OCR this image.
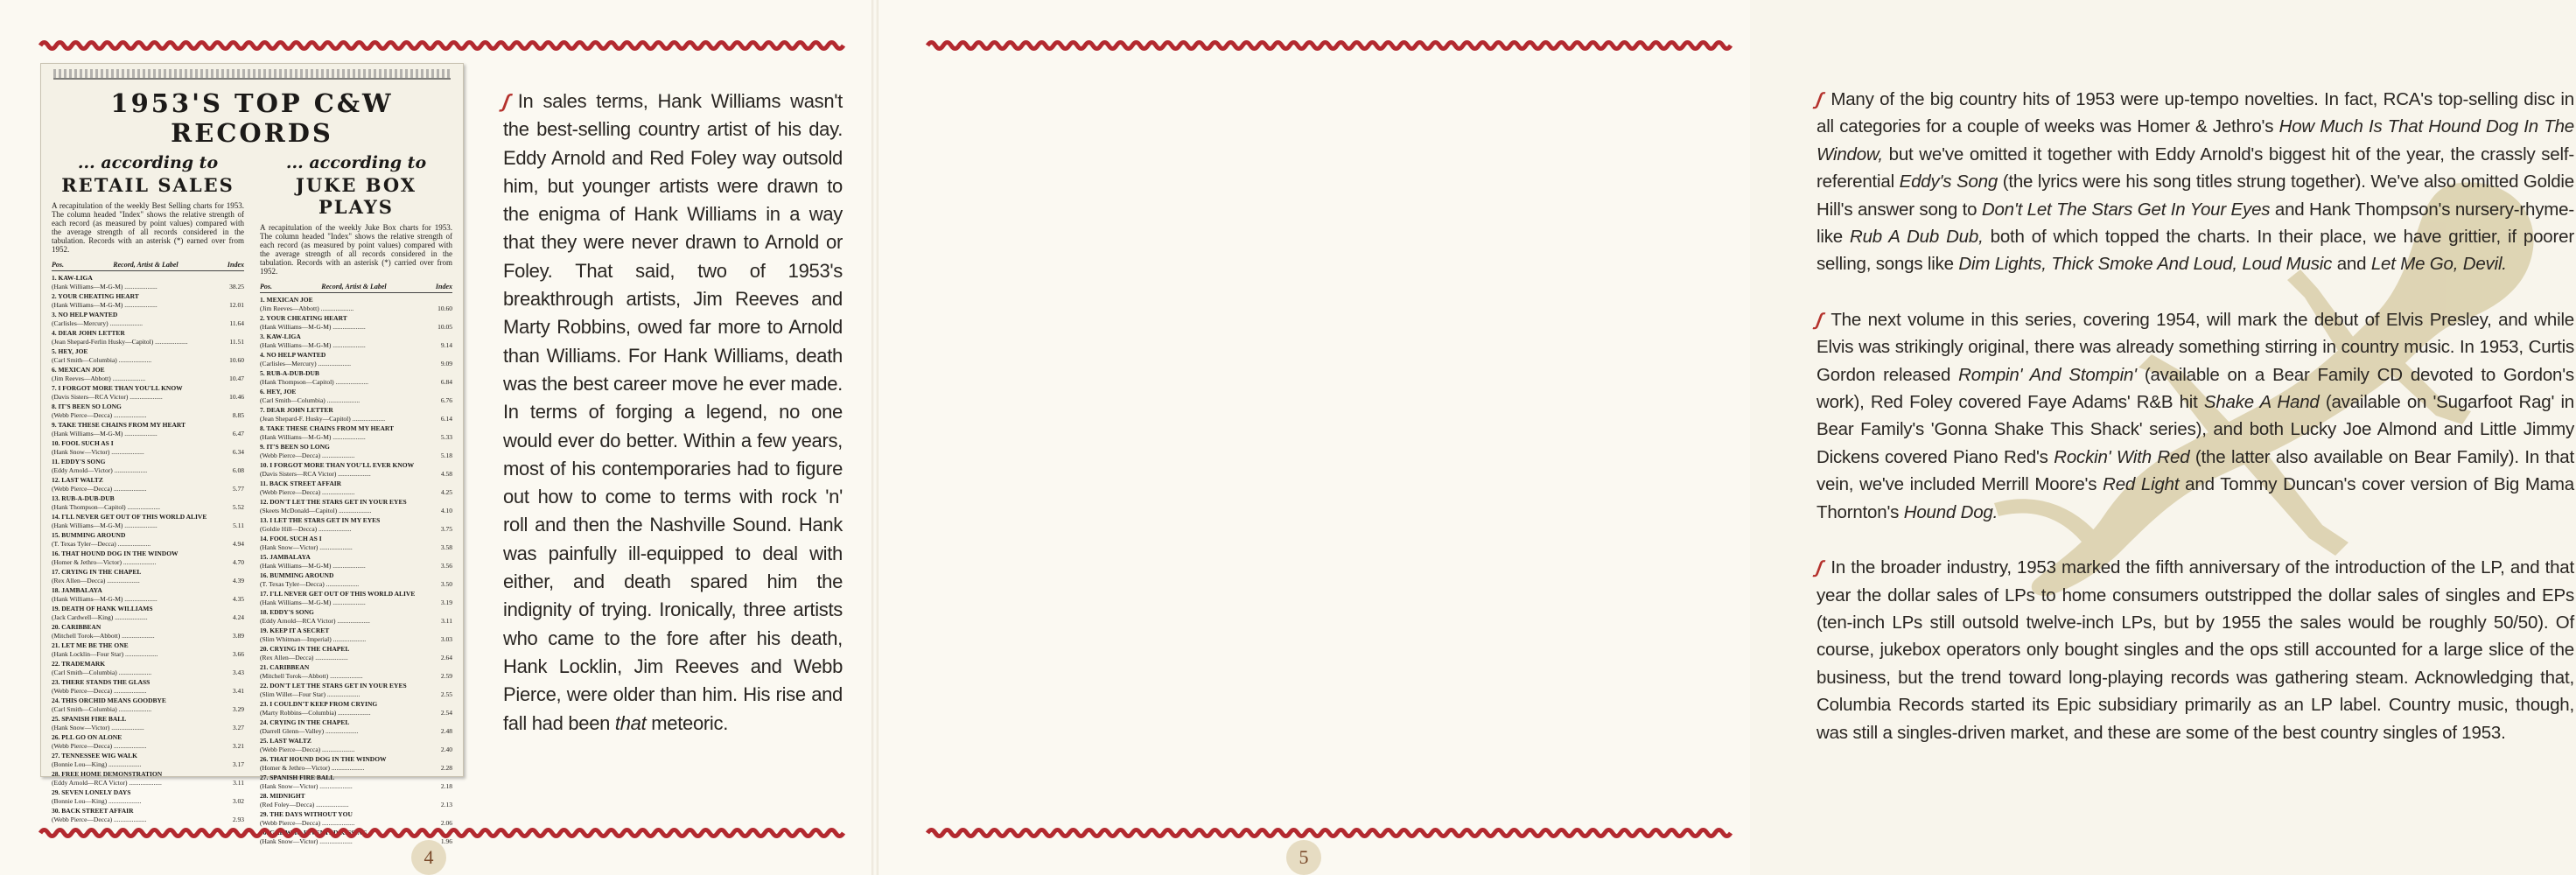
1953'S TOP C&W RECORDS

... according to

RETAIL SALES

A recapitulation of the weekly Best Selling charts for 1953. The column headed "Index" shows the relative strength of each record (as measured by point values) compared with the average strength of all records considered in the tabulation. Records with an asterisk (*) earned over from 1952.

Pos.	Record, Artist & Label	Index
1. KAW-LIGA
(Hank Williams—M-G-M) ....................	38.25
2. YOUR CHEATING HEART
(Hank Williams—M-G-M) ....................	12.01
3. NO HELP WANTED
(Carlisles—Mercury) ....................	11.64
4. DEAR JOHN LETTER
(Jean Shepard-Ferlin Husky—Capitol) ....................	11.51
5. HEY, JOE
(Carl Smith—Columbia) ....................	10.60
6. MEXICAN JOE
(Jim Reeves—Abbott) ....................	10.47
7. I FORGOT MORE THAN YOU'LL KNOW
(Davis Sisters—RCA Victor) ....................	10.46
8. IT'S BEEN SO LONG
(Webb Pierce—Decca) ....................	8.85
9. TAKE THESE CHAINS FROM MY HEART
(Hank Williams—M-G-M) ....................	6.47
10. FOOL SUCH AS I
(Hank Snow—Victor) ....................	6.34
11. EDDY'S SONG
(Eddy Arnold—Victor) ....................	6.08
12. LAST WALTZ
(Webb Pierce—Decca) ....................	5.77
13. RUB-A-DUB-DUB
(Hank Thompson—Capitol) ....................	5.52
14. I'LL NEVER GET OUT OF THIS WORLD ALIVE
(Hank Williams—M-G-M) ....................	5.11
15. BUMMING AROUND
(T. Texas Tyler—Decca) ....................	4.94
16. THAT HOUND DOG IN THE WINDOW
(Homer & Jethro—Victor) ....................	4.70
17. CRYING IN THE CHAPEL
(Rex Allen—Decca) ....................	4.39
18. JAMBALAYA
(Hank Williams—M-G-M) ....................	4.35
19. DEATH OF HANK WILLIAMS
(Jack Cardwell—King) ....................	4.24
20. CARIBBEAN
(Mitchell Torok—Abbott) ....................	3.89
21. LET ME BE THE ONE
(Hank Locklin—Four Star) ....................	3.66
22. TRADEMARK
(Carl Smith—Columbia) ....................	3.43
23. THERE STANDS THE GLASS
(Webb Pierce—Decca) ....................	3.41
24. THIS ORCHID MEANS GOODBYE
(Carl Smith—Columbia) ....................	3.29
25. SPANISH FIRE BALL
(Hank Snow—Victor) ....................	3.27
26. PLL GO ON ALONE
(Webb Pierce—Decca) ....................	3.21
27. TENNESSEE WIG WALK
(Bonnie Lou—King) ....................	3.17
28. FREE HOME DEMONSTRATION
(Eddy Arnold—RCA Victor) ....................	3.11
29. SEVEN LONELY DAYS
(Bonnie Lou—King) ....................	3.02
30. BACK STREET AFFAIR
(Webb Pierce—Decca) ....................	2.93

... according to

JUKE BOX PLAYS

A recapitulation of the weekly Juke Box charts for 1953. The column headed "Index" shows the relative strength of each record (as measured by point values) compared with the average strength of all records considered in the tabulation. Records with an asterisk (*) carried over from 1952.

Pos.	Record, Artist & Label	Index
1. MEXICAN JOE
(Jim Reeves—Abbott) ....................	10.60
2. YOUR CHEATING HEART
(Hank Williams—M-G-M) ....................	10.05
3. KAW-LIGA
(Hank Williams—M-G-M) ....................	9.14
4. NO HELP WANTED
(Carlisles—Mercury) ....................	9.09
5. RUB-A-DUB-DUB
(Hank Thompson—Capitol) ....................	6.84
6. HEY, JOE
(Carl Smith—Columbia) ....................	6.76
7. DEAR JOHN LETTER
(Jean Shepard-F. Husky—Capitol) ....................	6.14
8. TAKE THESE CHAINS FROM MY HEART
(Hank Williams—M-G-M) ....................	5.33
9. IT'S BEEN SO LONG
(Webb Pierce—Decca) ....................	5.18
10. I FORGOT MORE THAN YOU'LL EVER KNOW
(Davis Sisters—RCA Victor) ....................	4.58
11. BACK STREET AFFAIR
(Webb Pierce—Decca) ....................	4.25
12. DON'T LET THE STARS GET IN YOUR EYES
(Skeets McDonald—Capitol) ....................	4.10
13. I LET THE STARS GET IN MY EYES
(Goldie Hill—Decca) ....................	3.75
14. FOOL SUCH AS I
(Hank Snow—Victor) ....................	3.58
15. JAMBALAYA
(Hank Williams—M-G-M) ....................	3.56
16. BUMMING AROUND
(T. Texas Tyler—Decca) ....................	3.50
17. I'LL NEVER GET OUT OF THIS WORLD ALIVE
(Hank Williams—M-G-M) ....................	3.19
18. EDDY'S SONG
(Eddy Arnold—RCA Victor) ....................	3.11
19. KEEP IT A SECRET
(Slim Whitman—Imperial) ....................	3.03
20. CRYING IN THE CHAPEL
(Rex Allen—Decca) ....................	2.64
21. CARIBBEAN
(Mitchell Torok—Abbott) ....................	2.59
22. DON'T LET THE STARS GET IN YOUR EYES
(Slim Willet—Four Star) ....................	2.55
23. I COULDN'T KEEP FROM CRYING
(Marty Robbins—Columbia) ....................	2.54
24. CRYING IN THE CHAPEL
(Darrell Glenn—Valley) ....................	2.48
25. LAST WALTZ
(Webb Pierce—Decca) ....................	2.40
26. THAT HOUND DOG IN THE WINDOW
(Homer & Jethro—Victor) ....................	2.28
27. SPANISH FIRE BALL
(Hank Snow—Victor) ....................	2.18
28. MIDNIGHT
(Red Foley—Decca) ....................	2.13
29. THE DAYS WITHOUT YOU
(Webb Pierce—Decca) ....................	2.06
30. GAL WHO INVENTED KISSING
(Hank Snow—Victor) ....................	1.96

ʃ In sales terms, Hank Williams wasn't the best-selling country artist of his day. Eddy Arnold and Red Foley way outsold him, but younger artists were drawn to the enigma of Hank Williams in a way that they were never drawn to Arnold or Foley. That said, two of 1953's breakthrough artists, Jim Reeves and Marty Robbins, owed far more to Arnold than Williams. For Hank Williams, death was the best career move he ever made. In terms of forging a legend, no one would ever do better. Within a few years, most of his contemporaries had to figure out how to come to terms with rock 'n' roll and then the Nashville Sound. Hank was painfully ill-equipped to deal with either, and death spared him the indignity of trying. Ironically, three artists who came to the fore after his death, Hank Locklin, Jim Reeves and Webb Pierce, were older than him. His rise and fall had been that meteoric.

4

ʃ Many of the big country hits of 1953 were up-tempo novelties. In fact, RCA's top-selling disc in all categories for a couple of weeks was Homer & Jethro's How Much Is That Hound Dog In The Window, but we've omitted it together with Eddy Arnold's biggest hit of the year, the crassly self-referential Eddy's Song (the lyrics were his song titles strung together). We've also omitted Goldie Hill's answer song to Don't Let The Stars Get In Your Eyes and Hank Thompson's nursery-rhyme-like Rub A Dub Dub, both of which topped the charts. In their place, we have grittier, if poorer selling, songs like Dim Lights, Thick Smoke And Loud, Loud Music and Let Me Go, Devil.

ʃ The next volume in this series, covering 1954, will mark the debut of Elvis Presley, and while Elvis was strikingly original, there was already something stirring in country music. In 1953, Curtis Gordon released Rompin' And Stompin' (available on a Bear Family CD devoted to Gordon's work), Red Foley covered Faye Adams' R&B hit Shake A Hand (available on 'Sugarfoot Rag' in Bear Family's 'Gonna Shake This Shack' series), and both Lucky Joe Almond and Little Jimmy Dickens covered Piano Red's Rockin' With Red (the latter also available on Bear Family). In that vein, we've included Merrill Moore's Red Light and Tommy Duncan's cover version of Big Mama Thornton's Hound Dog.

ʃ In the broader industry, 1953 marked the fifth anniversary of the introduction of the LP, and that year the dollar sales of LPs to home consumers outstripped the dollar sales of singles and EPs (ten-inch LPs still outsold twelve-inch LPs, but by 1955 the sales would be roughly 50/50). Of course, jukebox operators only bought singles and the ops still accounted for a large slice of the business, but the trend toward long-playing records was gathering steam. Acknowledging that, Columbia Records started its Epic subsidiary primarily as an LP label. Country music, though, was still a singles-driven market, and these are some of the best country singles of 1953.

5
